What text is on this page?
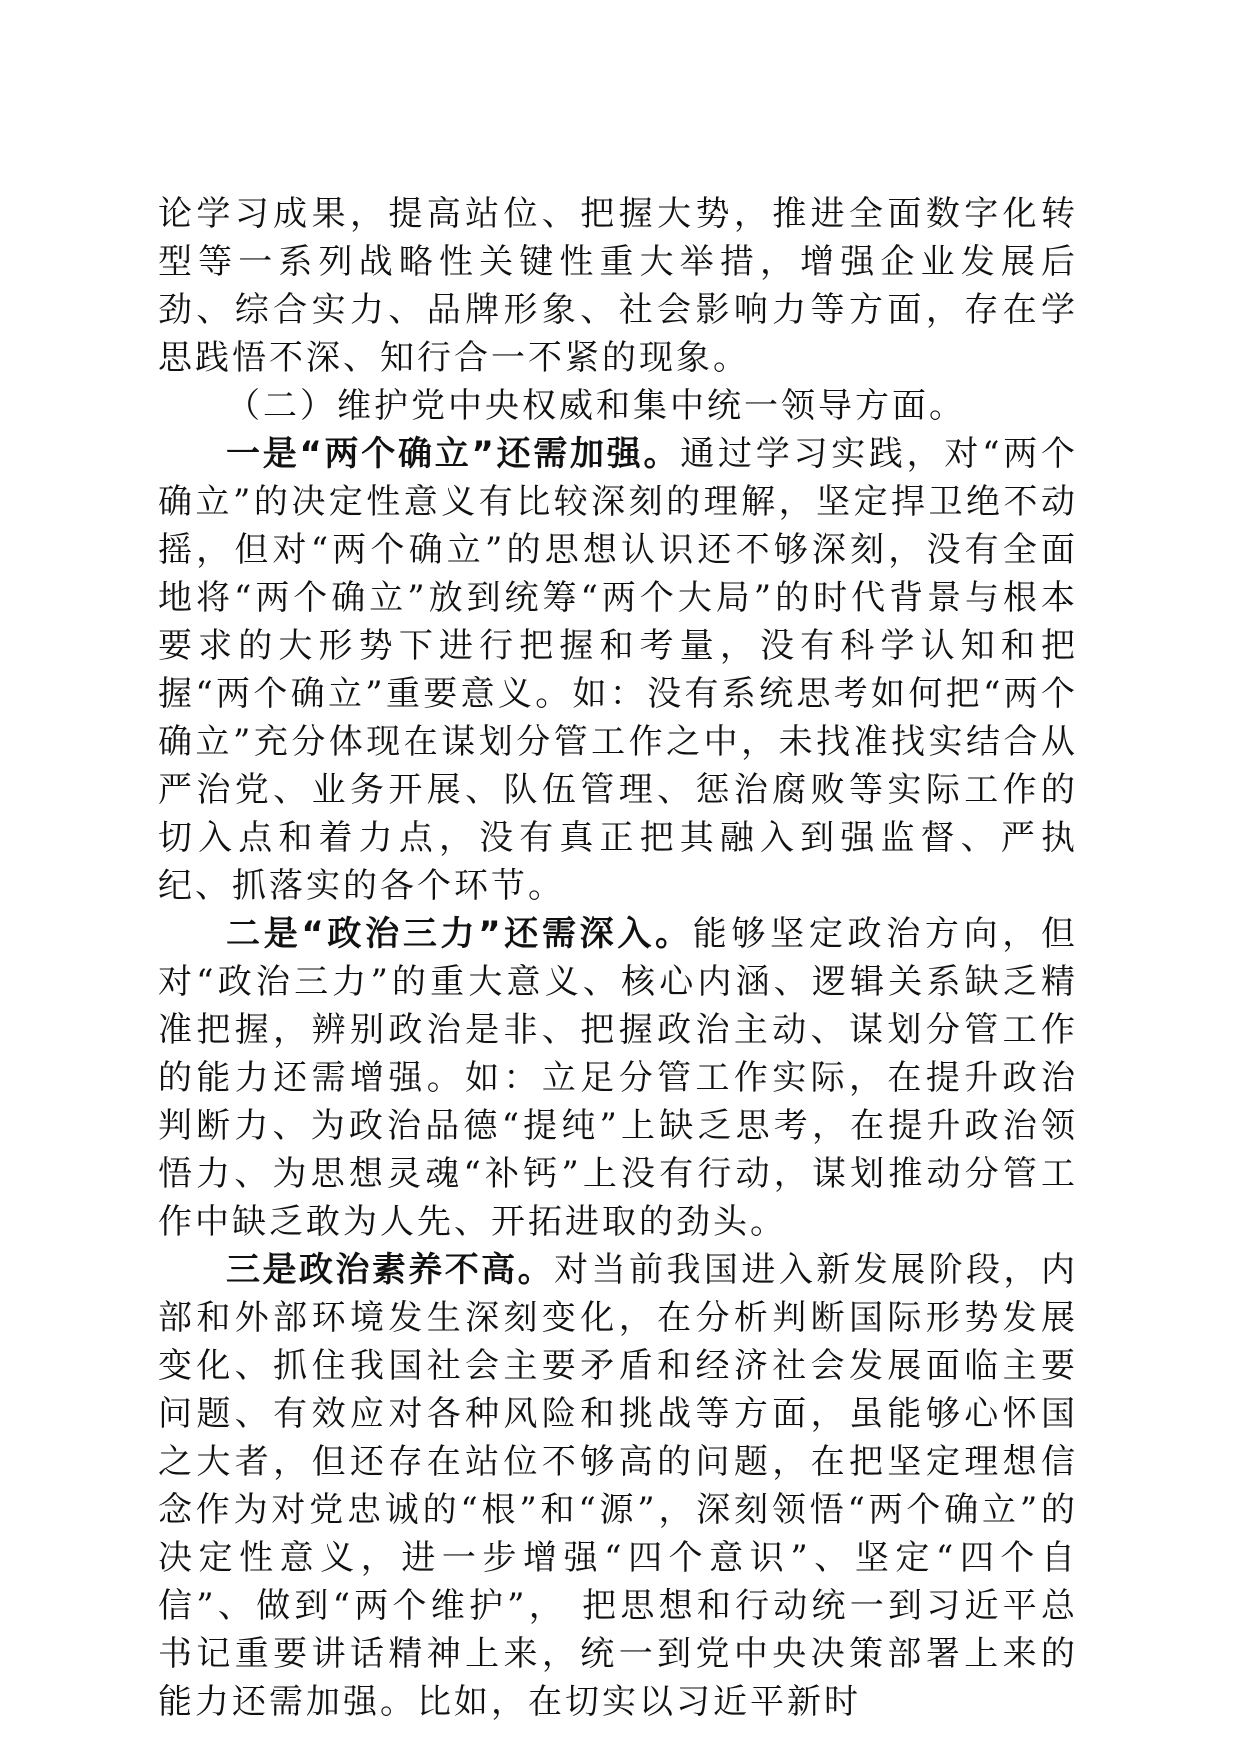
论学习成果，提高站位、把握大势，推进全面数字化转型等一系列战略性关键性重大举措，增强企业发展后劲、综合实力、品牌形象、社会影响力等方面，存在学思践悟不深、知行合一不紧的现象。

（二）维护党中央权威和集中统一领导方面。

一是“两个确立”还需加强。通过学习实践，对“两个确立”的决定性意义有比较深刻的理解，坚定捍卫绝不动摇，但对“两个确立”的思想认识还不够深刻，没有全面地将“两个确立”放到统筹“两个大局”的时代背景与根本要求的大形势下进行把握和考量，没有科学认知和把握“两个确立”重要意义。如：没有系统思考如何把“两个确立”充分体现在谋划分管工作之中，未找准找实结合从严治党、业务开展、队伍管理、惩治腐败等实际工作的切入点和着力点，没有真正把其融入到强监督、严执纪、抓落实的各个环节。

二是“政治三力”还需深入。能够坚定政治方向，但对“政治三力”的重大意义、核心内涵、逻辑关系缺乏精准把握，辨别政治是非、把握政治主动、谋划分管工作的能力还需增强。如：立足分管工作实际，在提升政治判断力、为政治品德“提纯”上缺乏思考，在提升政治领悟力、为思想灵魂“补钙”上没有行动，谋划推动分管工作中缺乏敢为人先、开拓进取的劲头。

三是政治素养不高。对当前我国进入新发展阶段，内部和外部环境发生深刻变化，在分析判断国际形势发展变化、抓住我国社会主要矛盾和经济社会发展面临主要问题、有效应对各种风险和挑战等方面，虽能够心怀国之大者，但还存在站位不够高的问题，在把坚定理想信念作为对党忠诚的“根”和“源”，深刻领悟“两个确立”的决定性意义，进一步增强“四个意识”、坚定“四个自信”、做到“两个维护”， 把思想和行动统一到习近平总书记重要讲话精神上来，统一到党中央决策部署上来的能力还需加强。比如，在切实以习近平新时
